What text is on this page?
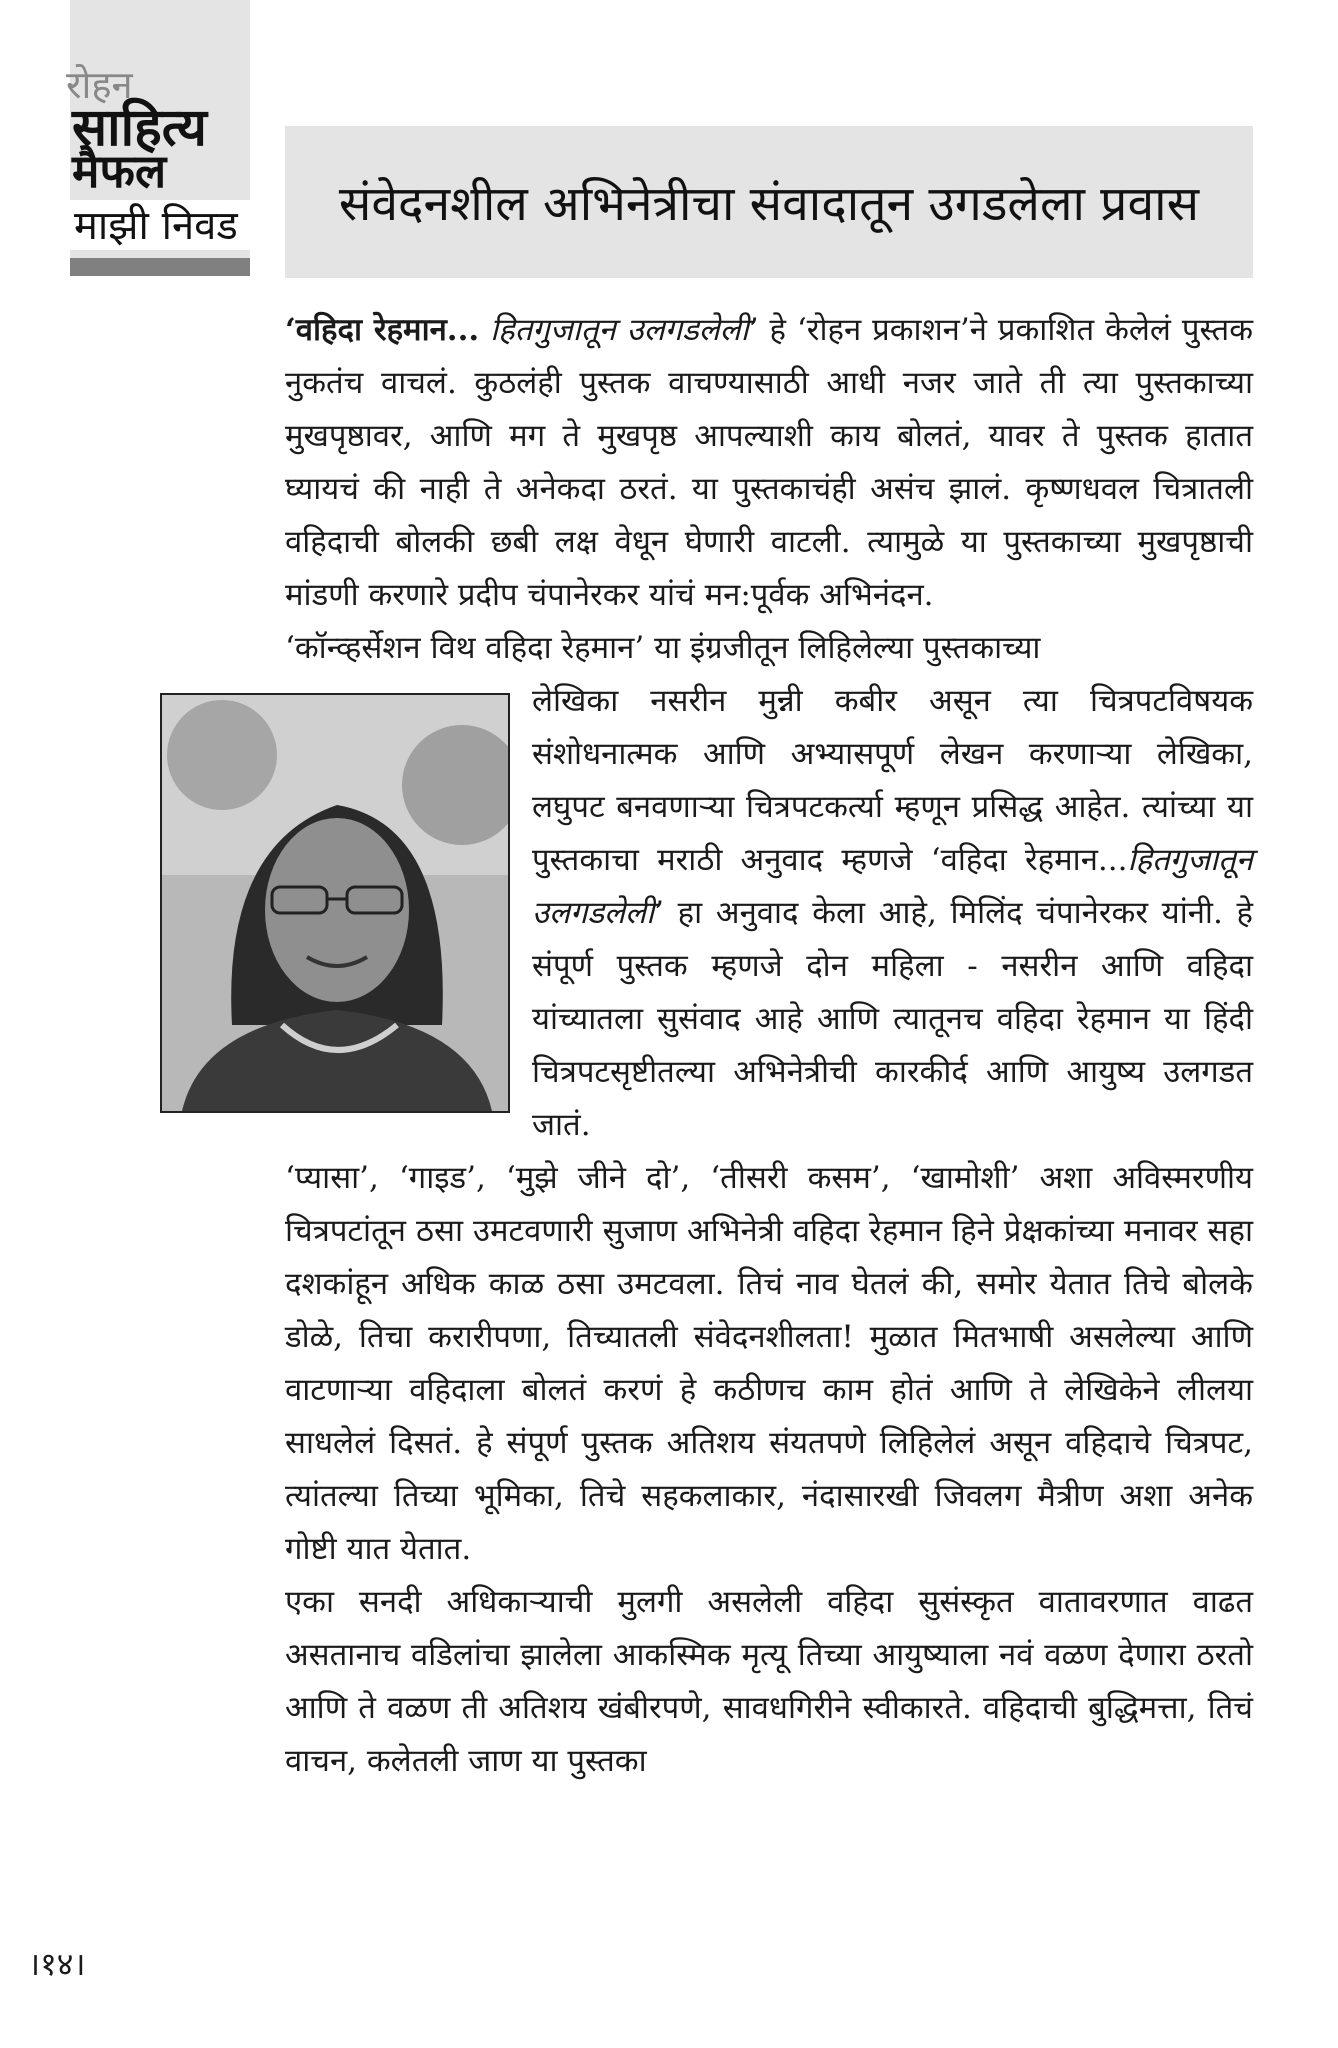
रोहन
साहित्य
मैफल
माझी निवड	संवेदनशील अभिनेत्रीचा संवादातून उगडलेला प्रवास

‘वहिदा रेहमान... हितगुजातून उलगडलेली’ हे ‘रोहन प्रकाशन’ने प्रकाशित केलेलं पुस्तक नुकतंच वाचलं. कुठलंही पुस्तक वाचण्यासाठी आधी नजर जाते ती त्या पुस्तकाच्या मुखपृष्ठावर, आणि मग ते मुखपृष्ठ आपल्याशी काय बोलतं, यावर ते पुस्तक हातात घ्यायचं की नाही ते अनेकदा ठरतं. या पुस्तकाचंही असंच झालं. कृष्णधवल चित्रातली वहिदाची बोलकी छबी लक्ष वेधून घेणारी वाटली. त्यामुळे या पुस्तकाच्या मुखपृष्ठाची मांडणी करणारे प्रदीप चंपानेरकर यांचं मन:पूर्वक अभिनंदन.

‘कॉन्व्हर्सेशन विथ वहिदा रेहमान’ या इंग्रजीतून लिहिलेल्या पुस्तकाच्या

लेखिका नसरीन मुन्नी कबीर असून त्या चित्रपटविषयक संशोधनात्मक आणि अभ्यासपूर्ण लेखन करणाऱ्या लेखिका, लघुपट बनवणाऱ्या चित्रपटकर्त्या म्हणून प्रसिद्ध आहेत. त्यांच्या या पुस्तकाचा मराठी अनुवाद म्हणजे ‘वहिदा रेहमान...हितगुजातून उलगडलेली’ हा अनुवाद केला आहे, मिलिंद चंपानेरकर यांनी. हे संपूर्ण पुस्तक म्हणजे दोन महिला - नसरीन आणि वहिदा यांच्यातला सुसंवाद आहे आणि त्यातूनच वहिदा रेहमान या हिंदी चित्रपटसृष्टीतल्या अभिनेत्रीची कारकीर्द आणि आयुष्य उलगडत जातं.

‘प्यासा’, ‘गाइड’, ‘मुझे जीने दो’, ‘तीसरी कसम’, ‘खामोशी’ अशा अविस्मरणीय चित्रपटांतून ठसा उमटवणारी सुजाण अभिनेत्री वहिदा रेहमान हिने प्रेक्षकांच्या मनावर सहा दशकांहून अधिक काळ ठसा उमटवला. तिचं नाव घेतलं की, समोर येतात तिचे बोलके डोळे, तिचा करारीपणा, तिच्यातली संवेदनशीलता! मुळात मितभाषी असलेल्या आणि वाटणाऱ्या वहिदाला बोलतं करणं हे कठीणच काम होतं आणि ते लेखिकेने लीलया साधलेलं दिसतं. हे संपूर्ण पुस्तक अतिशय संयतपणे लिहिलेलं असून वहिदाचे चित्रपट, त्यांतल्या तिच्या भूमिका, तिचे सहकलाकार, नंदासारखी जिवलग मैत्रीण अशा अनेक गोष्टी यात येतात.

एका सनदी अधिकाऱ्याची मुलगी असलेली वहिदा सुसंस्कृत वातावरणात वाढत असतानाच वडिलांचा झालेला आकस्मिक मृत्यू तिच्या आयुष्याला नवं वळण देणारा ठरतो आणि ते वळण ती अतिशय खंबीरपणे, सावधगिरीने स्वीकारते. वहिदाची बुद्धिमत्ता, तिचं वाचन, कलेतली जाण या पुस्तका

।१४।
